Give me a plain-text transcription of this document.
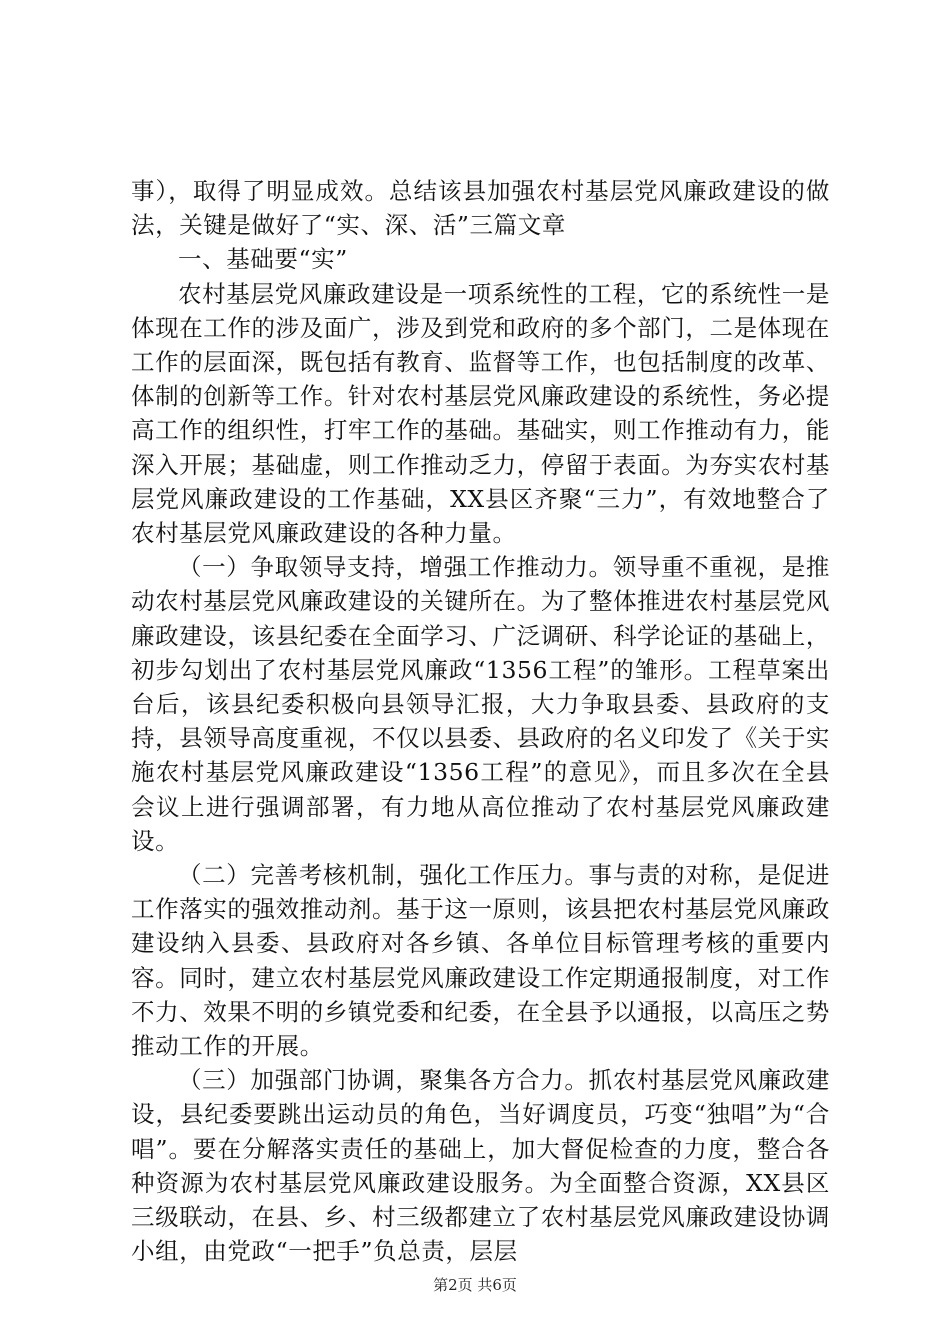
事），取得了明显成效。总结该县加强农村基层党风廉政建设的做法，关键是做好了“实、深、活”三篇文章

一、基础要“实”

农村基层党风廉政建设是一项系统性的工程，它的系统性一是体现在工作的涉及面广，涉及到党和政府的多个部门，二是体现在工作的层面深，既包括有教育、监督等工作，也包括制度的改革、体制的创新等工作。针对农村基层党风廉政建设的系统性，务必提高工作的组织性，打牢工作的基础。基础实，则工作推动有力，能深入开展；基础虚，则工作推动乏力，停留于表面。为夯实农村基层党风廉政建设的工作基础，XX县区齐聚“三力”，有效地整合了农村基层党风廉政建设的各种力量。

（一）争取领导支持，增强工作推动力。领导重不重视，是推动农村基层党风廉政建设的关键所在。为了整体推进农村基层党风廉政建设，该县纪委在全面学习、广泛调研、科学论证的基础上，初步勾划出了农村基层党风廉政“1356工程”的雏形。工程草案出台后，该县纪委积极向县领导汇报，大力争取县委、县政府的支持，县领导高度重视，不仅以县委、县政府的名义印发了《关于实施农村基层党风廉政建设“1356工程”的意见》，而且多次在全县会议上进行强调部署，有力地从高位推动了农村基层党风廉政建设。

（二）完善考核机制，强化工作压力。事与责的对称，是促进工作落实的强效推动剂。基于这一原则，该县把农村基层党风廉政建设纳入县委、县政府对各乡镇、各单位目标管理考核的重要内容。同时，建立农村基层党风廉政建设工作定期通报制度，对工作不力、效果不明的乡镇党委和纪委，在全县予以通报，以高压之势推动工作的开展。

（三）加强部门协调，聚集各方合力。抓农村基层党风廉政建设，县纪委要跳出运动员的角色，当好调度员，巧变“独唱”为“合唱”。要在分解落实责任的基础上，加大督促检查的力度，整合各种资源为农村基层党风廉政建设服务。为全面整合资源，XX县区三级联动，在县、乡、村三级都建立了农村基层党风廉政建设协调小组，由党政“一把手”负总责，层层

第2页 共6页
